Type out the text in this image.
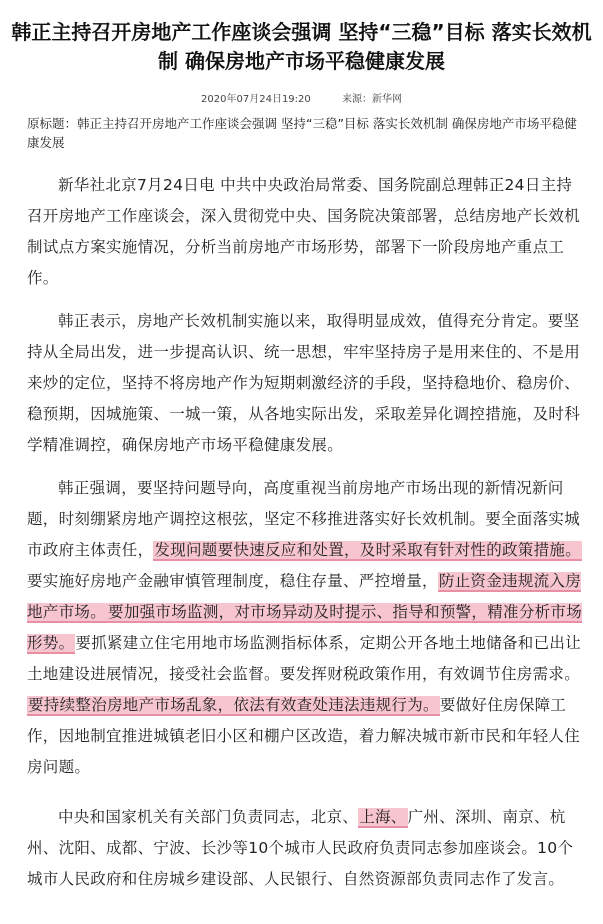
韩正主持召开房地产工作座谈会强调 坚持“三稳”目标 落实长效机制 确保房地产市场平稳健康发展
2020年07月24日19:20	来源：新华网

原标题：韩正主持召开房地产工作座谈会强调 坚持“三稳”目标 落实长效机制 确保房地产市场平稳健康发展

新华社北京7月24日电 中共中央政治局常委、国务院副总理韩正24日主持召开房地产工作座谈会，深入贯彻党中央、国务院决策部署，总结房地产长效机制试点方案实施情况，分析当前房地产市场形势，部署下一阶段房地产重点工作。

韩正表示，房地产长效机制实施以来，取得明显成效，值得充分肯定。要坚持从全局出发，进一步提高认识、统一思想，牢牢坚持房子是用来住的、不是用来炒的定位，坚持不将房地产作为短期刺激经济的手段，坚持稳地价、稳房价、稳预期，因城施策、一城一策，从各地实际出发，采取差异化调控措施，及时科学精准调控，确保房地产市场平稳健康发展。

韩正强调，要坚持问题导向，高度重视当前房地产市场出现的新情况新问题，时刻绷紧房地产调控这根弦，坚定不移推进落实好长效机制。要全面落实城市政府主体责任，发现问题要快速反应和处置，及时采取有针对性的政策措施。要实施好房地产金融审慎管理制度，稳住存量、严控增量，防止资金违规流入房地产市场。 要加强市场监测，对市场异动及时提示、指导和预警，精准分析市场形势。要抓紧建立住宅用地市场监测指标体系，定期公开各地土地储备和已出让土地建设进展情况，接受社会监督。要发挥财税政策作用，有效调节住房需求。要持续整治房地产市场乱象，依法有效查处违法违规行为。要做好住房保障工作，因地制宜推进城镇老旧小区和棚户区改造，着力解决城市新市民和年轻人住房问题。

中央和国家机关有关部门负责同志，北京、上海、广州、深圳、南京、杭州、沈阳、成都、宁波、长沙等10个城市人民政府负责同志参加座谈会。10个城市人民政府和住房城乡建设部、人民银行、自然资源部负责同志作了发言。
